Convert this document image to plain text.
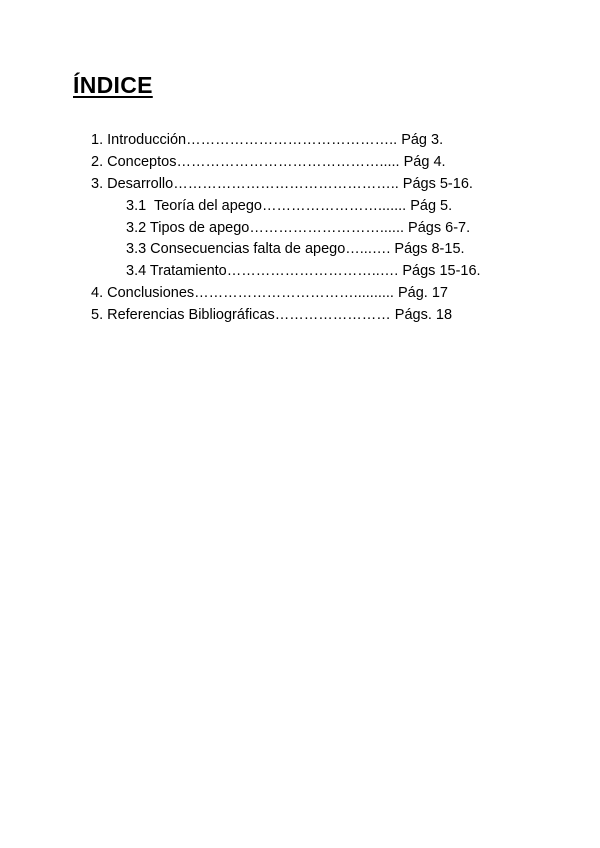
ÍNDICE
1. Introducción…………………………………….. Pág 3.
2. Conceptos……………………………………..... Pág 4.
3. Desarrollo……………………………………….. Págs 5-16.
3.1  Teoría del apego……………………....... Pág 5.
3.2 Tipos de apego………………………...... Págs 6-7.
3.3 Consecuencias falta de apego…...…. Págs 8-15.
3.4 Tratamiento…………………………..…. Págs 15-16.
4. Conclusiones…………………………….......... Pág. 17
5. Referencias Bibliográficas…………………… Págs. 18
